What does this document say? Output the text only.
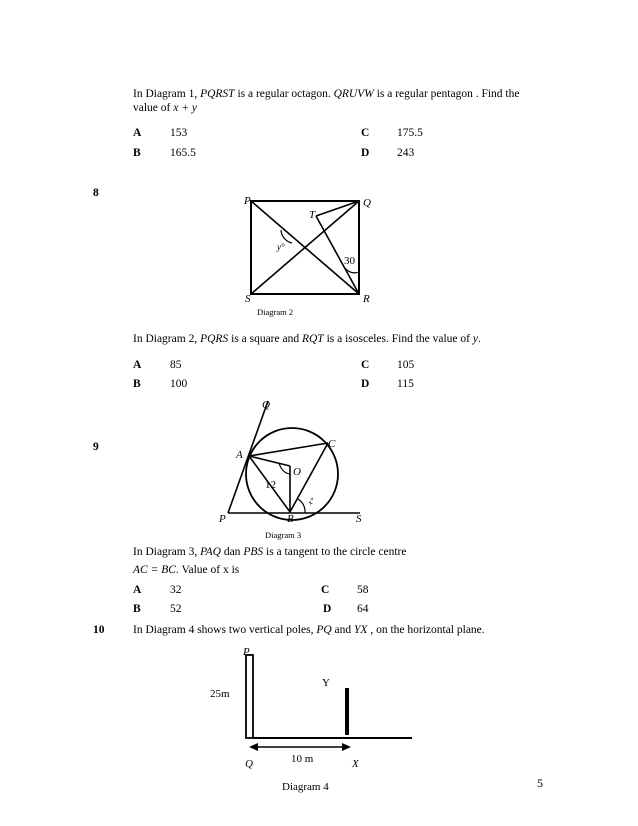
In Diagram 1, PQRST is a regular octagon. QRUVW is a regular pentagon . Find the
value of x + y
A 153	C 175.5
B	165.5	D 243
8
P	Q
R
S
T
y°
30
Diagram 2
In Diagram 2, PQRS is a square and RQT is a isosceles. Find the value of y.
A 85	C 105
B	100	D 115
9
Q
A
C
O
12
x°
P	B	S
Diagram 3
In Diagram 3, PAQ dan PBS is a tangent to the circle centre
AC = BC. Value of x is
A 32	C 58
B	52	D 64
10 In Diagram 4 shows two vertical poles, PQ and YX , on the horizontal plane.
P
Y
25m
10 m
Q	X
Diagram 4	5
